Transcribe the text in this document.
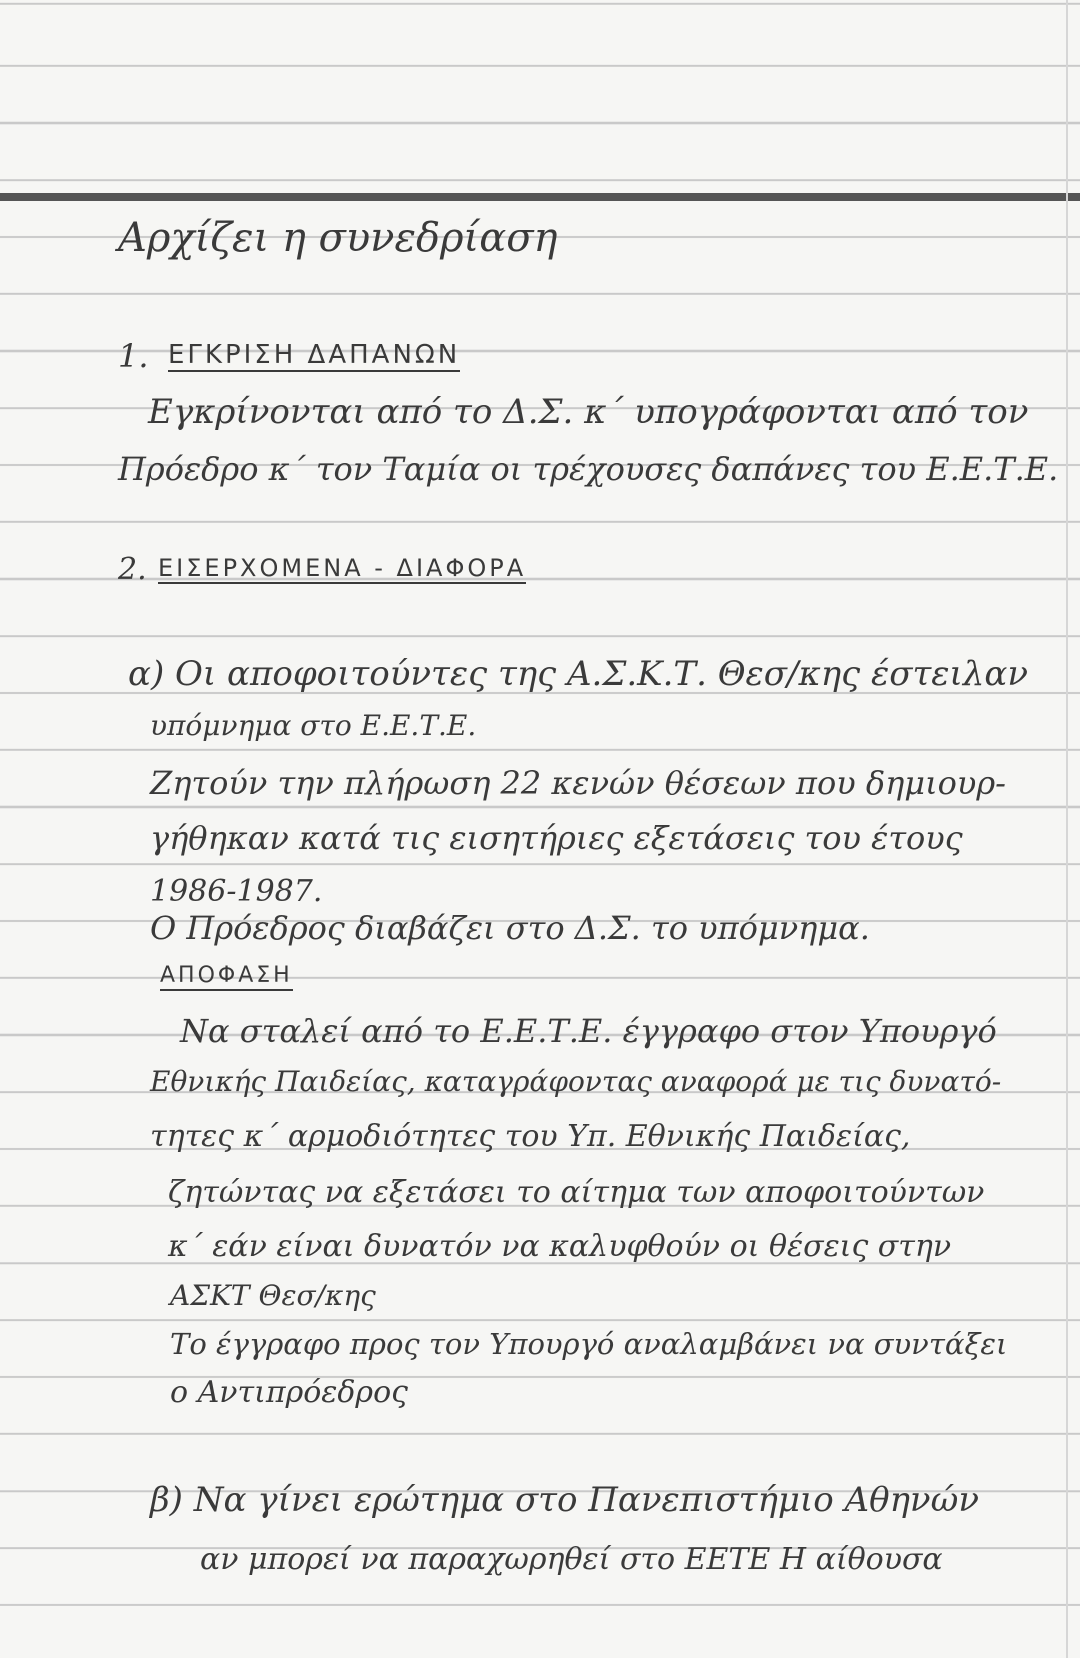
Αρχίζει η συνεδρίαση

1. ΕΓΚΡΙΣΗ ΔΑΠΑΝΩΝ

Εγκρίνονται από το Δ.Σ. κ΄ υπογράφονται από τον

Πρόεδρο κ΄ τον Ταμία οι τρέχουσες δαπάνες του Ε.Ε.Τ.Ε.

2. ΕΙΣΕΡΧΟΜΕΝΑ - ΔΙΑΦΟΡΑ

α) Οι αποφοιτούντες της Α.Σ.Κ.Τ. Θεσ/κης έστειλαν

υπόμνημα στο Ε.Ε.Τ.Ε.

Ζητούν την πλήρωση 22 κενών θέσεων που δημιουρ-

γήθηκαν κατά τις εισητήριες εξετάσεις του έτους

1986-1987.

Ο Πρόεδρος διαβάζει στο Δ.Σ. το υπόμνημα.

ΑΠΟΦΑΣΗ

Να σταλεί από το Ε.Ε.Τ.Ε. έγγραφο στον Υπουργό

Εθνικής Παιδείας, καταγράφοντας αναφορά με τις δυνατό-

τητες κ΄ αρμοδιότητες του Υπ. Εθνικής Παιδείας,

ζητώντας να εξετάσει το αίτημα των αποφοιτούντων

κ΄ εάν είναι δυνατόν να καλυφθούν οι θέσεις στην

ΑΣΚΤ Θεσ/κης

Το έγγραφο προς τον Υπουργό αναλαμβάνει να συντάξει

ο Αντιπρόεδρος

β) Να γίνει ερώτημα στο Πανεπιστήμιο Αθηνών

αν μπορεί να παραχωρηθεί στο ΕΕΤΕ Η αίθουσα
